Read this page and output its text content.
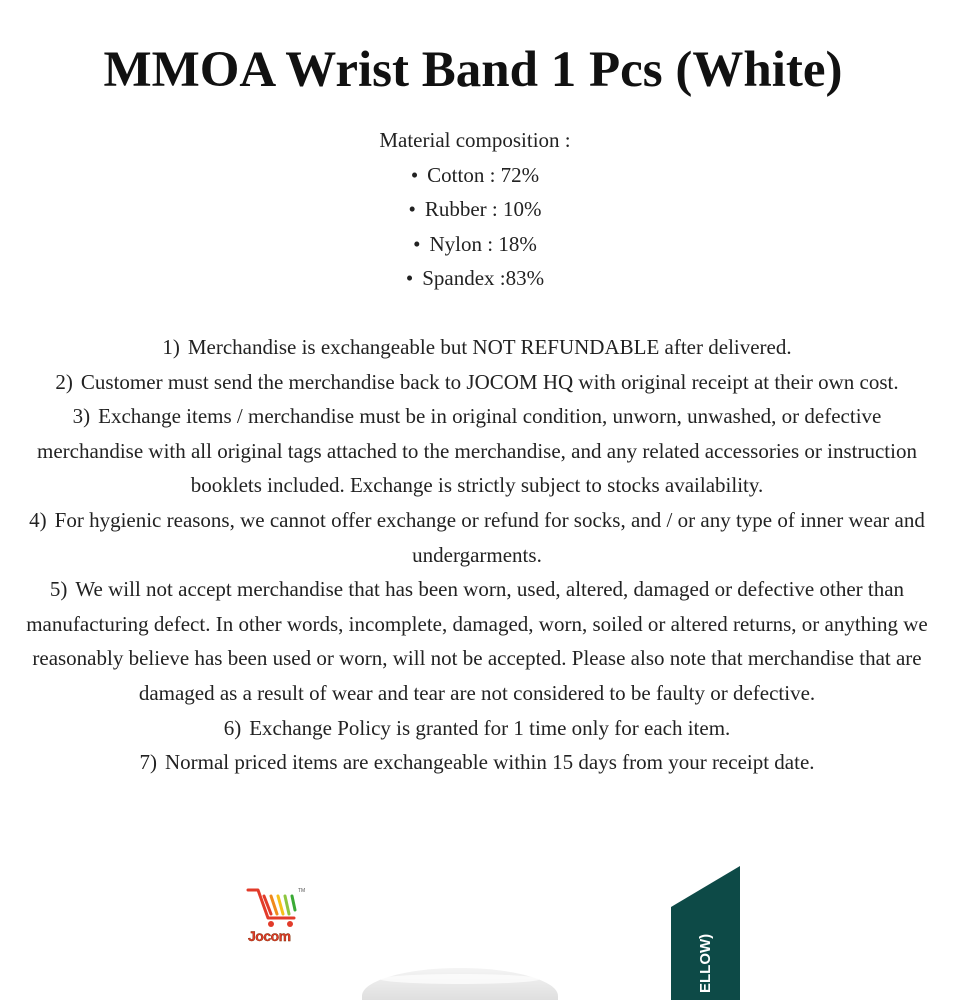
MMOA Wrist Band 1 Pcs (White)
Material composition :
• Cotton : 72%
• Rubber : 10%
• Nylon : 18%
• Spandex :83%

1) Merchandise is exchangeable but NOT REFUNDABLE after delivered.

2) Customer must send the merchandise back to JOCOM HQ with original receipt at their own cost.

3) Exchange items / merchandise must be in original condition, unworn, unwashed, or defective merchandise with all original tags attached to the merchandise, and any related accessories or instruction booklets included. Exchange is strictly subject to stocks availability.

4) For hygienic reasons, we cannot offer exchange or refund for socks, and / or any type of inner wear and undergarments.

5) We will not accept merchandise that has been worn, used, altered, damaged or defective other than manufacturing defect. In other words, incomplete, damaged, worn, soiled or altered returns, or anything we reasonably believe has been used or worn, will not be accepted. Please also note that merchandise that are damaged as a result of wear and tear are not considered to be faulty or defective.

6) Exchange Policy is granted for 1 time only for each item.

7) Normal priced items are exchangeable within 15 days from your receipt date.

TM
Jocom	ELLOW)
